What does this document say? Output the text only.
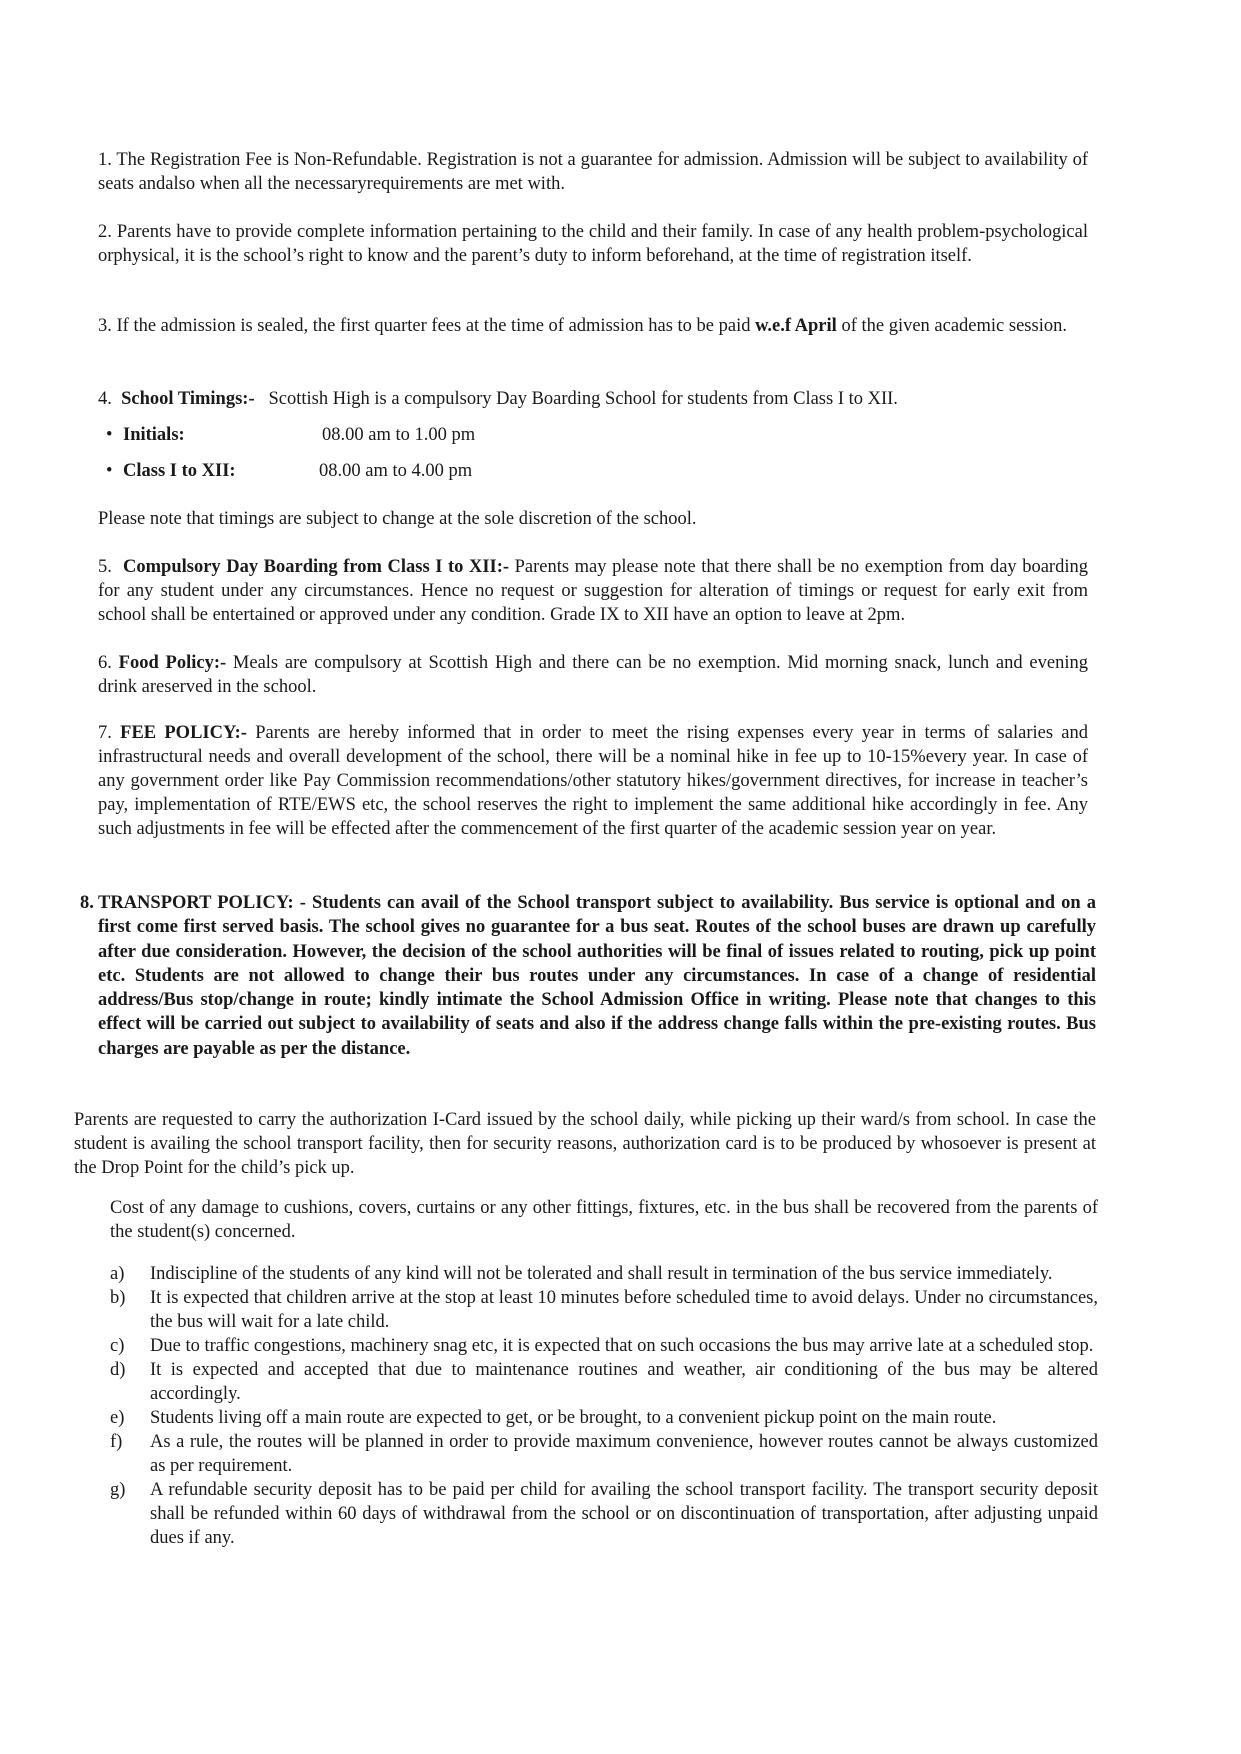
1. The Registration Fee is Non-Refundable. Registration is not a guarantee for admission. Admission will be subject to availability of seats andalso when all the necessaryrequirements are met with.

2. Parents have to provide complete information pertaining to the child and their family. In case of any health problem-psychological orphysical, it is the school’s right to know and the parent’s duty to inform beforehand, at the time of registration itself.

3. If the admission is sealed, the first quarter fees at the time of admission has to be paid w.e.f April of the given academic session.

4. School Timings:- Scottish High is a compulsory Day Boarding School for students from Class I to XII.

• Initials:	08.00 am to 1.00 pm
• Class I to XII:	08.00 am to 4.00 pm

Please note that timings are subject to change at the sole discretion of the school.

5. Compulsory Day Boarding from Class I to XII:- Parents may please note that there shall be no exemption from day boarding for any student under any circumstances. Hence no request or suggestion for alteration of timings or request for early exit from school shall be entertained or approved under any condition. Grade IX to XII have an option to leave at 2pm.

6. Food Policy:- Meals are compulsory at Scottish High and there can be no exemption. Mid morning snack, lunch and evening drink areserved in the school.

7. FEE POLICY:- Parents are hereby informed that in order to meet the rising expenses every year in terms of salaries and infrastructural needs and overall development of the school, there will be a nominal hike in fee up to 10-15%every year. In case of any government order like Pay Commission recommendations/other statutory hikes/government directives, for increase in teacher’s pay, implementation of RTE/EWS etc, the school reserves the right to implement the same additional hike accordingly in fee. Any such adjustments in fee will be effected after the commencement of the first quarter of the academic session year on year.

8. TRANSPORT POLICY: - Students can avail of the School transport subject to availability. Bus service is optional and on a first come first served basis. The school gives no guarantee for a bus seat. Routes of the school buses are drawn up carefully after due consideration. However, the decision of the school authorities will be final of issues related to routing, pick up point etc. Students are not allowed to change their bus routes under any circumstances. In case of a change of residential address/Bus stop/change in route; kindly intimate the School Admission Office in writing. Please note that changes to this effect will be carried out subject to availability of seats and also if the address change falls within the pre-existing routes. Bus charges are payable as per the distance.

Parents are requested to carry the authorization I-Card issued by the school daily, while picking up their ward/s from school. In case the student is availing the school transport facility, then for security reasons, authorization card is to be produced by whosoever is present at the Drop Point for the child’s pick up.

Cost of any damage to cushions, covers, curtains or any other fittings, fixtures, etc. in the bus shall be recovered from the parents of the student(s) concerned.

a) Indiscipline of the students of any kind will not be tolerated and shall result in termination of the bus service immediately.
b) It is expected that children arrive at the stop at least 10 minutes before scheduled time to avoid delays. Under no circumstances, the bus will wait for a late child.
c) Due to traffic congestions, machinery snag etc, it is expected that on such occasions the bus may arrive late at a scheduled stop.
d) It is expected and accepted that due to maintenance routines and weather, air conditioning of the bus may be altered accordingly.
e) Students living off a main route are expected to get, or be brought, to a convenient pickup point on the main route.
f) As a rule, the routes will be planned in order to provide maximum convenience, however routes cannot be always customized as per requirement.
g) A refundable security deposit has to be paid per child for availing the school transport facility. The transport security deposit shall be refunded within 60 days of withdrawal from the school or on discontinuation of transportation, after adjusting unpaid dues if any.
